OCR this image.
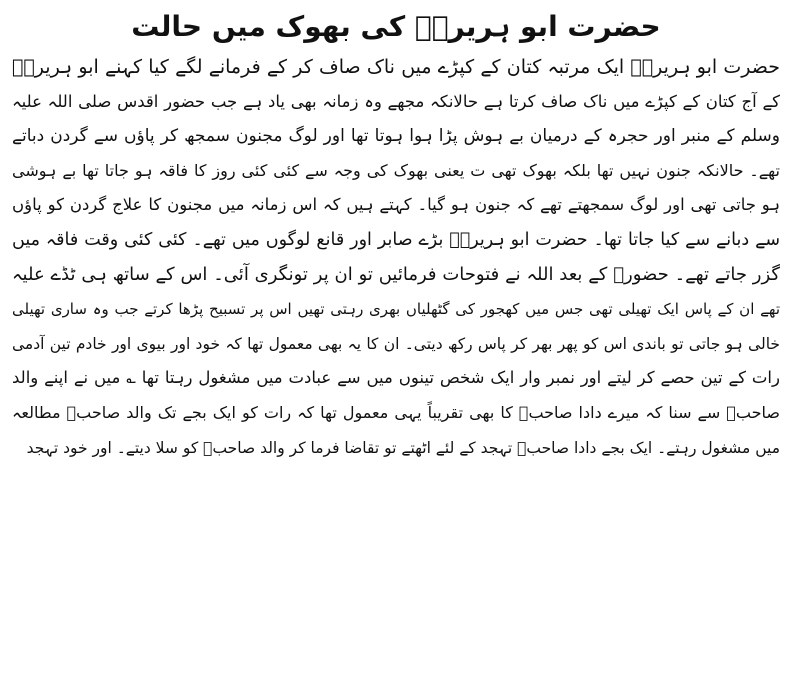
حضرت ابو ہریرہؓ کی بھوک میں حالت
حضرت ابو ہریرہؓ ایک مرتبہ کتان کے کپڑے میں ناک صاف کر کے فرمانے لگے کیا کہنے ابو ہریرہؓ
کے آج کتان کے کپڑے میں ناک صاف کرتا ہے حالانکہ مجھے وہ زمانہ بھی یاد ہے جب حضور اقدس صلی اللہ علیہ
وسلم کے منبر اور حجرہ کے درمیان بے ہوش پڑا ہوا ہوتا تھا اور لوگ مجنون سمجھ کر پاؤں سے گردن دباتے
تھے۔ حالانکہ جنون نہیں تھا بلکہ بھوک تھی ت یعنی بھوک کی وجہ سے کئی کئی روز کا فاقہ ہو جاتا تھا بے ہوشی
ہو جاتی تھی اور لوگ سمجھتے تھے کہ جنون ہو گیا۔ کہتے ہیں کہ اس زمانہ میں مجنون کا علاج گردن کو پاؤں
سے دبانے سے کیا جاتا تھا۔ حضرت ابو ہریرہؓ بڑے صابر اور قانع لوگوں میں تھے۔ کئی کئی وقت فاقہ میں
گزر جاتے تھے۔ حضورؐ کے بعد اللہ نے فتوحات فرمائیں تو ان پر تونگری آئی۔ اس کے ساتھ ہی ٹڈے علیہ
تھے ان کے پاس ایک تھیلی تھی جس میں کھجور کی گٹھلیاں بھری رہتی تھیں اس پر تسبیح پڑھا کرتے جب وہ ساری تھیلی
خالی ہو جاتی تو باندی اس کو پھر بھر کر پاس رکھ دیتی۔ ان کا یہ بھی معمول تھا کہ خود اور بیوی اور خادم تین آدمی
رات کے تین حصے کر لیتے اور نمبر وار ایک شخص تینوں میں سے عبادت میں مشغول رہتا تھا ؎ میں نے اپنے والد
صاحبؒ سے سنا کہ میرے دادا صاحبؒ کا بھی تقریباً یہی معمول تھا کہ رات کو ایک بجے تک والد صاحبؒ مطالعہ
میں مشغول رہتے۔ ایک بجے دادا صاحبؒ تہجد کے لئے اٹھتے تو تقاضا فرما کر والد صاحبؒ کو سلا دیتے۔ اور خود تہجد
